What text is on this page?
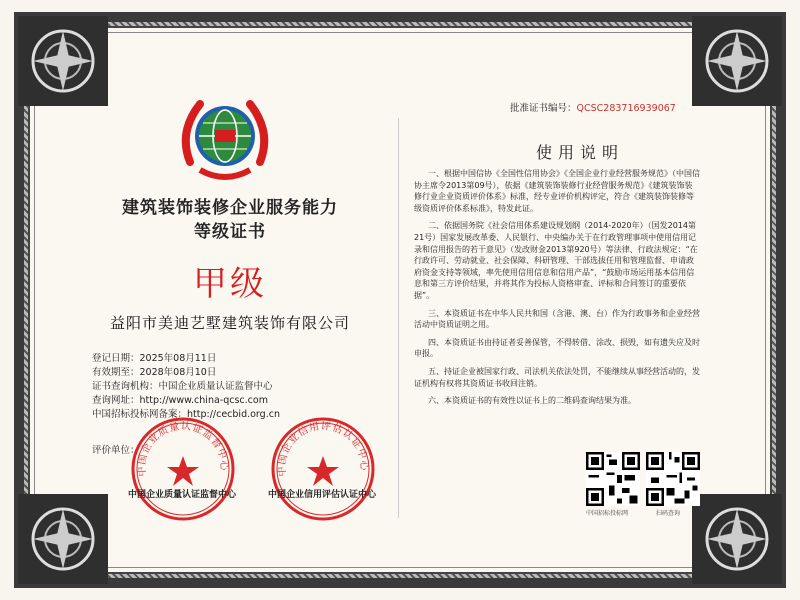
建筑装饰装修企业服务能力
等级证书
甲级
益阳市美迪艺墅建筑装饰有限公司
登记日期：2025年08月11日
有效期至：2028年08月10日
证书查询机构：中国企业质量认证监督中心
查询网址：http://www.china-qcsc.com
中国招标投标网备案：http://cecbid.org.cn
评价单位：
中国企业质量认证监督中心	中国企业信用评估认证中心
中国企业质量认证监督中心	中国企业信用评估认证中心
批准证书编号：QCSC283716939067
使用说明

一、根据中国信协《全国性信用协会》《全国企业行业经营服务规范》（中国信协主席令2013第09号），依据《建筑装饰装修行业经营服务规范》《建筑装饰装修行业企业资质评价体系》标准，经专业评价机构评定，符合《建筑装饰装修等级资质评价体系标准》，特发此证。

二、依据国务院《社会信用体系建设规划纲（2014-2020年）（国发2014第21号）国家发展改革委、人民银行、中央编办关于在行政管理事项中使用信用记录和信用报告的若干意见》（发改财金2013第920号）等法律、行政法规定：“在行政许可、劳动就业、社会保障、科研管理、干部选拔任用和管理监督、申请政府资金支持等领域，率先使用信用信息和信用产品”，“鼓励市场运用基本信用信息和第三方评价结果，并将其作为投标人资格审查、评标和合同签订的重要依据”。

三、本资质证书在中华人民共和国（含港、澳、台）作为行政事务和企业经营活动中资质证明之用。

四、本资质证书由持证者妥善保管，不得转借、涂改、损毁，如有遗失应及时申报。

五、持证企业被国家行政、司法机关依法处罚，不能继续从事经营活动的，发证机构有权将其资质证书收回注销。

六、本资质证书的有效性以证书上的二维码查询结果为准。

中国招标投标网	扫码查询
